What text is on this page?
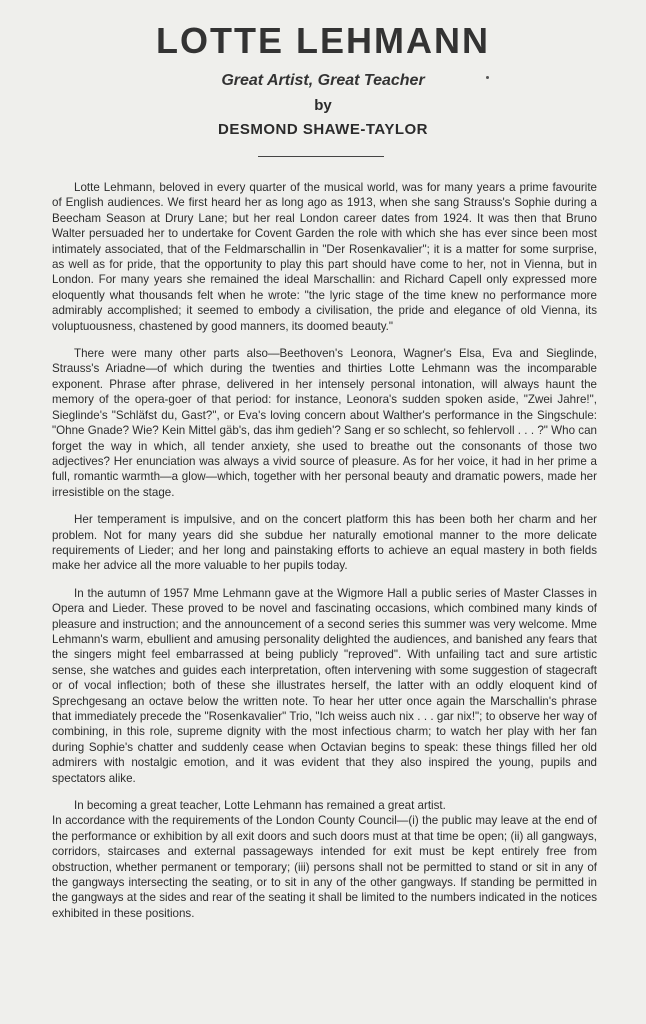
LOTTE LEHMANN
Great Artist, Great Teacher
by
DESMOND SHAWE-TAYLOR

Lotte Lehmann, beloved in every quarter of the musical world, was for many years a prime favourite of English audiences. We first heard her as long ago as 1913, when she sang Strauss's Sophie during a Beecham Season at Drury Lane; but her real London career dates from 1924. It was then that Bruno Walter persuaded her to undertake for Covent Garden the role with which she has ever since been most intimately associated, that of the Feldmarschallin in "Der Rosenkavalier"; it is a matter for some surprise, as well as for pride, that the opportunity to play this part should have come to her, not in Vienna, but in London. For many years she remained the ideal Marschallin: and Richard Capell only expressed more eloquently what thousands felt when he wrote: "the lyric stage of the time knew no performance more admirably accomplished; it seemed to embody a civilisation, the pride and elegance of old Vienna, its voluptuousness, chastened by good manners, its doomed beauty."

There were many other parts also—Beethoven's Leonora, Wagner's Elsa, Eva and Sieglinde, Strauss's Ariadne—of which during the twenties and thirties Lotte Lehmann was the incomparable exponent. Phrase after phrase, delivered in her intensely personal intonation, will always haunt the memory of the opera-goer of that period: for instance, Leonora's sudden spoken aside, "Zwei Jahre!", Sieglinde's "Schläfst du, Gast?", or Eva's loving concern about Walther's performance in the Singschule: "Ohne Gnade? Wie? Kein Mittel gäb's, das ihm gedieh'? Sang er so schlecht, so fehlervoll . . . ?" Who can forget the way in which, all tender anxiety, she used to breathe out the consonants of those two adjectives? Her enunciation was always a vivid source of pleasure. As for her voice, it had in her prime a full, romantic warmth—a glow—which, together with her personal beauty and dramatic powers, made her irresistible on the stage.

Her temperament is impulsive, and on the concert platform this has been both her charm and her problem. Not for many years did she subdue her naturally emotional manner to the more delicate requirements of Lieder; and her long and painstaking efforts to achieve an equal mastery in both fields make her advice all the more valuable to her pupils today.

In the autumn of 1957 Mme Lehmann gave at the Wigmore Hall a public series of Master Classes in Opera and Lieder. These proved to be novel and fascinating occasions, which combined many kinds of pleasure and instruction; and the announcement of a second series this summer was very welcome. Mme Lehmann's warm, ebullient and amusing personality delighted the audiences, and banished any fears that the singers might feel embarrassed at being publicly "reproved". With unfailing tact and sure artistic sense, she watches and guides each interpretation, often intervening with some suggestion of stagecraft or of vocal inflection; both of these she illustrates herself, the latter with an oddly eloquent kind of Sprechgesang an octave below the written note. To hear her utter once again the Marschallin's phrase that immediately precede the "Rosenkavalier" Trio, "Ich weiss auch nix . . . gar nix!"; to observe her way of combining, in this role, supreme dignity with the most infectious charm; to watch her play with her fan during Sophie's chatter and suddenly cease when Octavian begins to speak: these things filled her old admirers with nostalgic emotion, and it was evident that they also inspired the young, pupils and spectators alike.

In becoming a great teacher, Lotte Lehmann has remained a great artist.

In accordance with the requirements of the London County Council—(i) the public may leave at the end of the performance or exhibition by all exit doors and such doors must at that time be open; (ii) all gangways, corridors, staircases and external passageways intended for exit must be kept entirely free from obstruction, whether permanent or temporary; (iii) persons shall not be permitted to stand or sit in any of the gangways intersecting the seating, or to sit in any of the other gangways. If standing be permitted in the gangways at the sides and rear of the seating it shall be limited to the numbers indicated in the notices exhibited in these positions.
